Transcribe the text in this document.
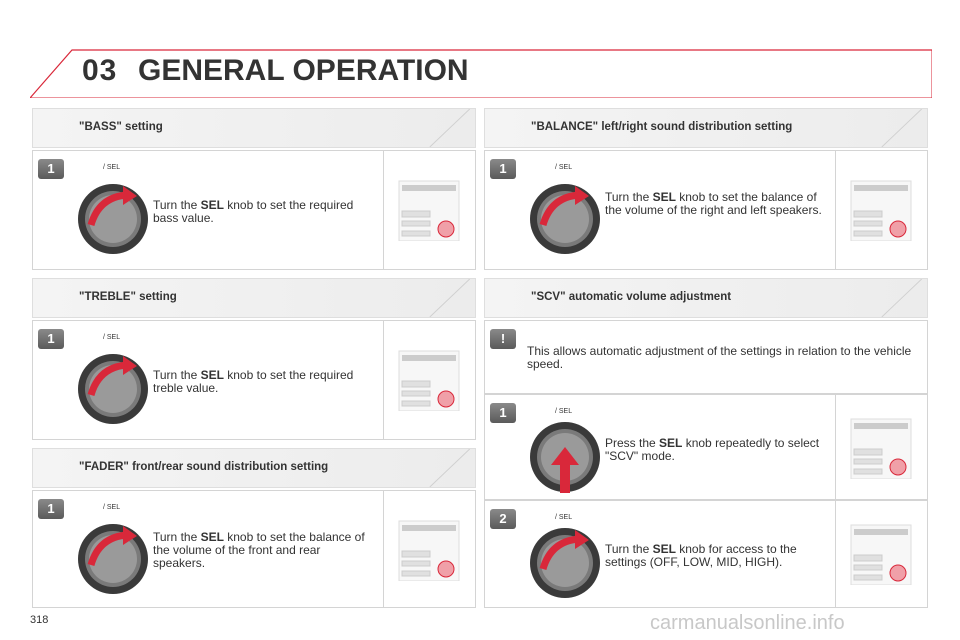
03 GENERAL OPERATION
"BASS" setting
1	/ SEL
Turn the SEL knob to set the required bass value.
"TREBLE" setting
1	/ SEL
Turn the SEL knob to set the required treble value.
"FADER" front/rear sound distribution setting
1	/ SEL
Turn the SEL knob to set the balance of the volume of the front and rear speakers.
"BALANCE" left/right sound distribution setting
1	/ SEL
Turn the SEL knob to set the balance of the volume of the right and left speakers.
"SCV" automatic volume adjustment
!
This allows automatic adjustment of the settings in relation to the vehicle speed.
1	/ SEL
Press the SEL knob repeatedly to select "SCV" mode.
2	/ SEL
Turn the SEL knob for access to the settings (OFF, LOW, MID, HIGH).
318	carmanualsonline.info
